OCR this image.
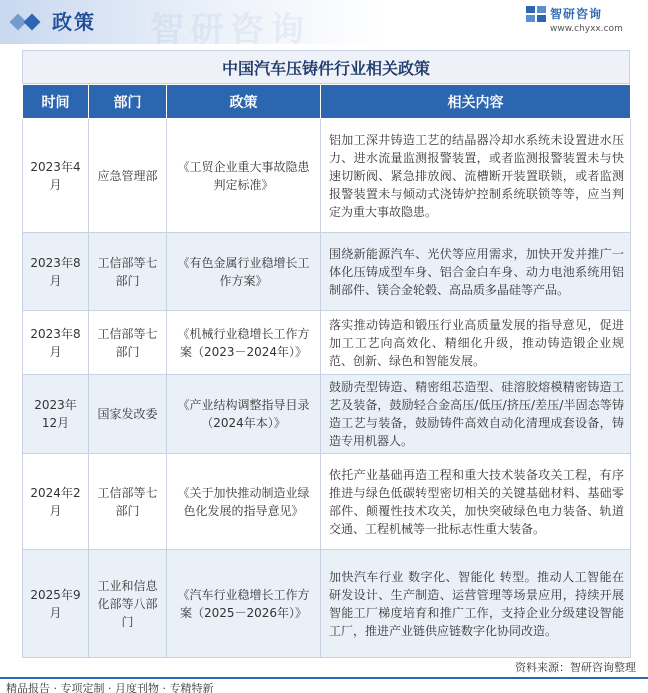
政策 智研咨询	智研咨询
www.chyxx.com
中国汽车压铸件行业相关政策
时间	部门	政策	相关内容
2023年4月	应急管理部	《工贸企业重大事故隐患判定标准》	铝加工深井铸造工艺的结晶器冷却水系统未设置进水压力、进水流量监测报警装置，或者监测报警装置未与快速切断阀、紧急排放阀、流槽断开装置联锁，或者监测报警装置未与倾动式浇铸炉控制系统联锁等等，应当判定为重大事故隐患。
2023年8月	工信部等七部门	《有色金属行业稳增长工作方案》	围绕新能源汽车、光伏等应用需求，加快开发并推广一体化压铸成型车身、铝合金白车身、动力电池系统用铝制部件、镁合金轮毂、高品质多晶硅等产品。
2023年8月	工信部等七部门	《机械行业稳增长工作方案（2023－2024年）》	落实推动铸造和锻压行业高质量发展的指导意见，促进加工工艺向高效化、精细化升级，推动铸造锻企业规范、创新、绿色和智能发展。
2023年12月	国家发改委	《产业结构调整指导目录（2024年本）》	鼓励壳型铸造、精密组芯造型、硅溶胶熔模精密铸造工艺及装备，鼓励轻合金高压/低压/挤压/差压/半固态等铸造工艺与装备，鼓励铸件高效自动化清理成套设备，铸造专用机器人。
2024年2月	工信部等七部门	《关于加快推动制造业绿色化发展的指导意见》	依托产业基础再造工程和重大技术装备攻关工程，有序推进与绿色低碳转型密切相关的关键基础材料、基础零部件、颠覆性技术攻关，加快突破绿色电力装备、轨道交通、工程机械等一批标志性重大装备。
2025年9月	工业和信息化部等八部门	《汽车行业稳增长工作方案（2025－2026年）》	加快汽车行业 数字化、智能化 转型。推动人工智能在研发设计、生产制造、运营管理等场景应用，持续开展智能工厂梯度培育和推广工作，支持企业分级建设智能工厂，推进产业链供应链数字化协同改造。
资料来源：智研咨询整理
精品报告 · 专项定制 · 月度刊物 · 专精特新
